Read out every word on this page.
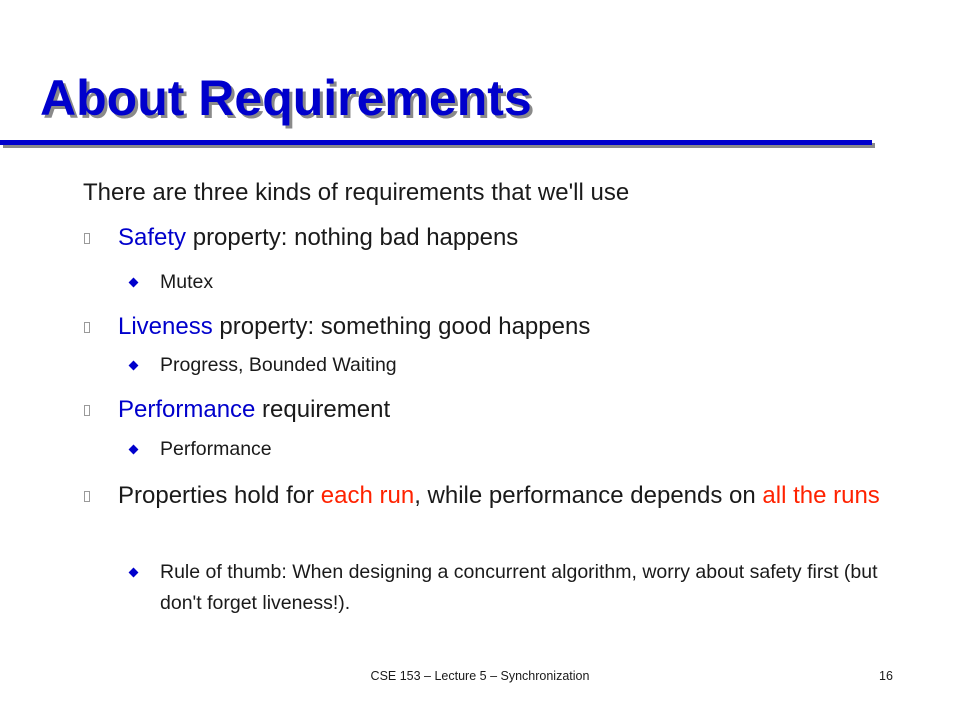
About Requirements
There are three kinds of requirements that we'll use
Safety property: nothing bad happens
Mutex
Liveness property: something good happens
Progress, Bounded Waiting
Performance requirement
Performance
Properties hold for each run, while performance depends on all the runs
Rule of thumb: When designing a concurrent algorithm, worry about safety first (but don't forget liveness!).
CSE 153 – Lecture 5 – Synchronization	16
